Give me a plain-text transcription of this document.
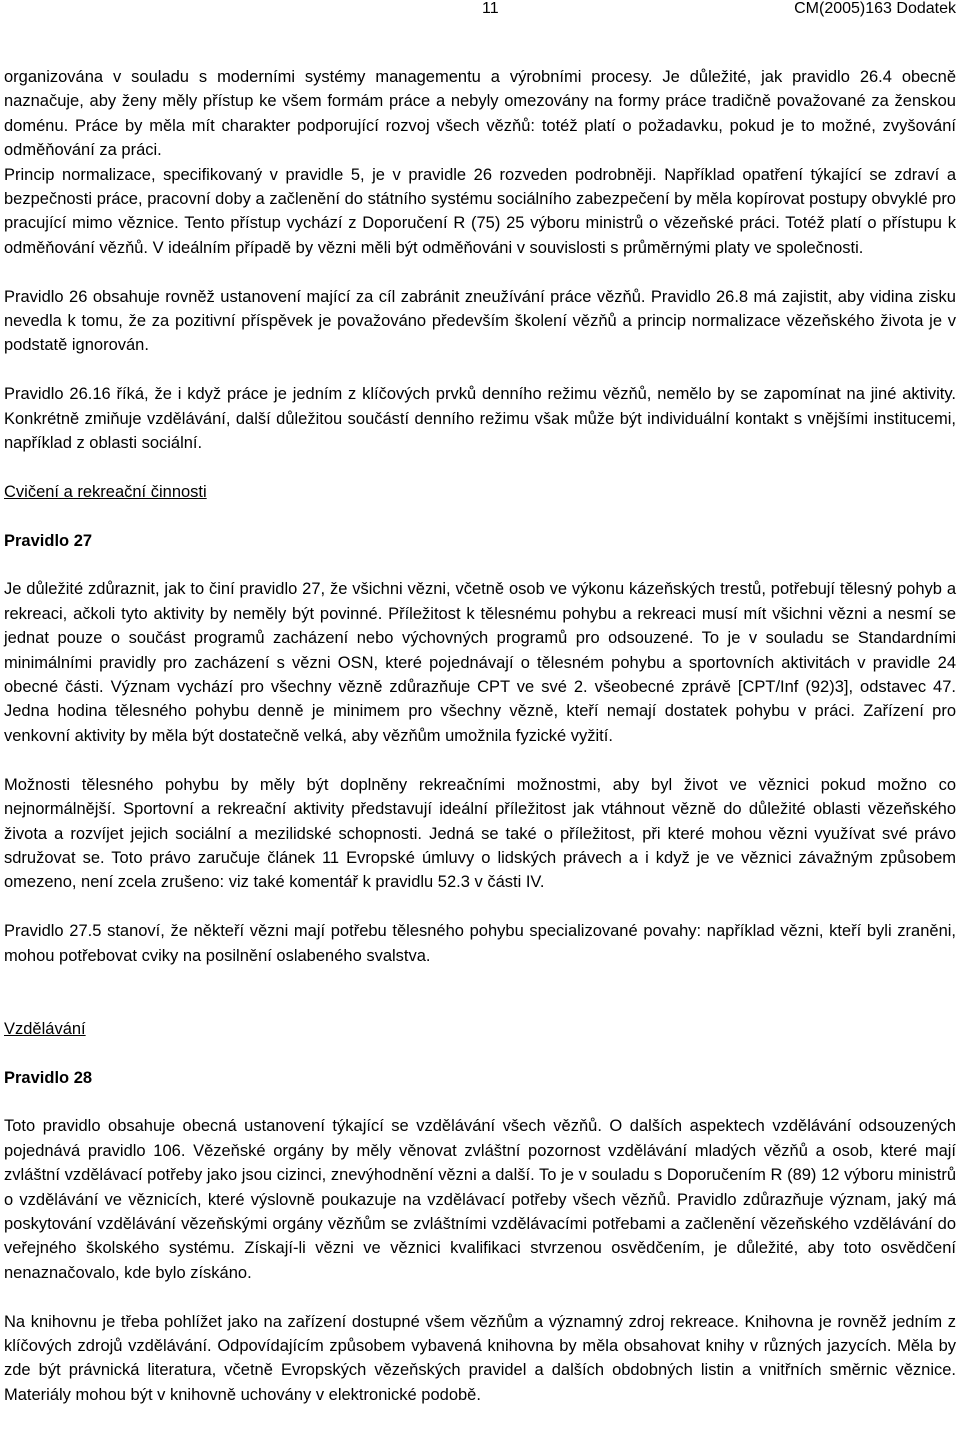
11	CM(2005)163 Dodatek

organizována v souladu s moderními systémy managementu a výrobními procesy. Je důležité, jak pravidlo 26.4 obecně naznačuje, aby ženy měly přístup ke všem formám práce a nebyly omezovány na formy práce tradičně považované za ženskou doménu. Práce by měla mít charakter podporující rozvoj všech vězňů: totéž platí o požadavku, pokud je to možné, zvyšování odměňování za práci.

Princip normalizace, specifikovaný v pravidle 5, je v pravidle 26 rozveden podrobněji. Například opatření týkající se zdraví a bezpečnosti práce, pracovní doby a začlenění do státního systému sociálního zabezpečení by měla kopírovat postupy obvyklé pro pracující mimo věznice. Tento přístup vychází z Doporučení R (75) 25 výboru ministrů o vězeňské práci. Totéž platí o přístupu k odměňování vězňů. V ideálním případě by vězni měli být odměňováni v souvislosti s průměrnými platy ve společnosti.

Pravidlo 26 obsahuje rovněž ustanovení mající za cíl zabránit zneužívání práce vězňů. Pravidlo 26.8 má zajistit, aby vidina zisku nevedla k tomu, že za pozitivní příspěvek je považováno především školení vězňů a princip normalizace vězeňského života je v podstatě ignorován.

Pravidlo 26.16 říká, že i když práce je jedním z klíčových prvků denního režimu vězňů, nemělo by se zapomínat na jiné aktivity. Konkrétně zmiňuje vzdělávání, další důležitou součástí denního režimu však může být individuální kontakt s vnějšími institucemi, například z oblasti sociální.

Cvičení a rekreační činnosti
Pravidlo 27

Je důležité zdůraznit, jak to činí pravidlo 27, že všichni vězni, včetně osob ve výkonu kázeňských trestů, potřebují tělesný pohyb a rekreaci, ačkoli tyto aktivity by neměly být povinné. Příležitost k tělesnému pohybu a rekreaci musí mít všichni vězni a nesmí se jednat pouze o součást programů zacházení nebo výchovných programů pro odsouzené. To je v souladu se Standardními minimálními pravidly pro zacházení s vězni OSN, které pojednávají o tělesném pohybu a sportovních aktivitách v pravidle 24 obecné části. Význam vychází pro všechny vězně zdůrazňuje CPT ve své 2. všeobecné zprávě [CPT/Inf (92)3], odstavec 47. Jedna hodina tělesného pohybu denně je minimem pro všechny vězně, kteří nemají dostatek pohybu v práci. Zařízení pro venkovní aktivity by měla být dostatečně velká, aby vězňům umožnila fyzické vyžití.

Možnosti tělesného pohybu by měly být doplněny rekreačními možnostmi, aby byl život ve věznici pokud možno co nejnormálnější. Sportovní a rekreační aktivity představují ideální příležitost jak vtáhnout vězně do důležité oblasti vězeňského života a rozvíjet jejich sociální a mezilidské schopnosti. Jedná se také o příležitost, při které mohou vězni využívat své právo sdružovat se. Toto právo zaručuje článek 11 Evropské úmluvy o lidských právech a i když je ve věznici závažným způsobem omezeno, není zcela zrušeno: viz také komentář k pravidlu 52.3 v části IV.

Pravidlo 27.5 stanoví, že někteří vězni mají potřebu tělesného pohybu specializované povahy: například vězni, kteří byli zraněni, mohou potřebovat cviky na posilnění oslabeného svalstva.

Vzdělávání
Pravidlo 28

Toto pravidlo obsahuje obecná ustanovení týkající se vzdělávání všech vězňů. O dalších aspektech vzdělávání odsouzených pojednává pravidlo 106. Vězeňské orgány by měly věnovat zvláštní pozornost vzdělávání mladých vězňů a osob, které mají zvláštní vzdělávací potřeby jako jsou cizinci, znevýhodnění vězni a další. To je v souladu s Doporučením R (89) 12 výboru ministrů o vzdělávání ve věznicích, které výslovně poukazuje na vzdělávací potřeby všech vězňů. Pravidlo zdůrazňuje význam, jaký má poskytování vzdělávání vězeňskými orgány vězňům se zvláštními vzdělávacími potřebami a začlenění vězeňského vzdělávání do veřejného školského systému. Získají-li vězni ve věznici kvalifikaci stvrzenou osvědčením, je důležité, aby toto osvědčení nenaznačovalo, kde bylo získáno.

Na knihovnu je třeba pohlížet jako na zařízení dostupné všem vězňům a významný zdroj rekreace. Knihovna je rovněž jedním z klíčových zdrojů vzdělávání. Odpovídajícím způsobem vybavená knihovna by měla obsahovat knihy v různých jazycích. Měla by zde být právnická literatura, včetně Evropských vězeňských pravidel a dalších obdobných listin a vnitřních směrnic věznice. Materiály mohou být v knihovně uchovány v elektronické podobě.
